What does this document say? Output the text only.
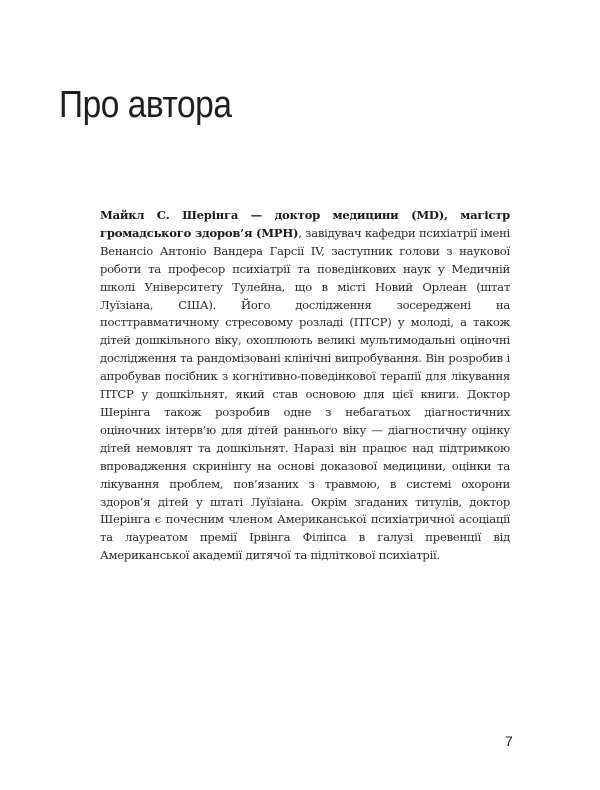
Про автора

Майкл С. Шерінга — доктор медицини (MD), магістр громадського здоров’я (MPH), завідувач кафедри психіатрії імені Венансіо Антоніо Вандера Гарсії IV, заступник голови з наукової роботи та професор психіатрії та поведінкових наук у Медичній школі Університету Тулейна, що в місті Новий Орлеан (штат Луїзіана, США). Його дослідження зосереджені на посттравматичному стресовому розладі (ПТСР) у молоді, а також дітей дошкільного віку, охоплюють великі мультимодальні оціночні дослідження та рандомізовані клінічні випробування. Він розробив і апробував посібник з когнітивно-поведінкової терапії для лікування ПТСР у дошкільнят, який став основою для цієї книги. Доктор Шерінга також розробив одне з небагатьох діагностичних оціночних інтерв’ю для дітей раннього віку — діагностичну оцінку дітей немовлят та дошкільнят. Наразі він працює над підтримкою впровадження скринінгу на основі доказової медицини, оцінки та лікування проблем, пов’язаних з травмою, в системі охорони здоров’я дітей у штаті Луїзіана. Окрім згаданих титулів, доктор Шерінга є почесним членом Американської психіатричної асоціації та лауреатом премії Ірвінга Філіпса в галузі превенції від Американської академії дитячої та підліткової психіатрії.

7
